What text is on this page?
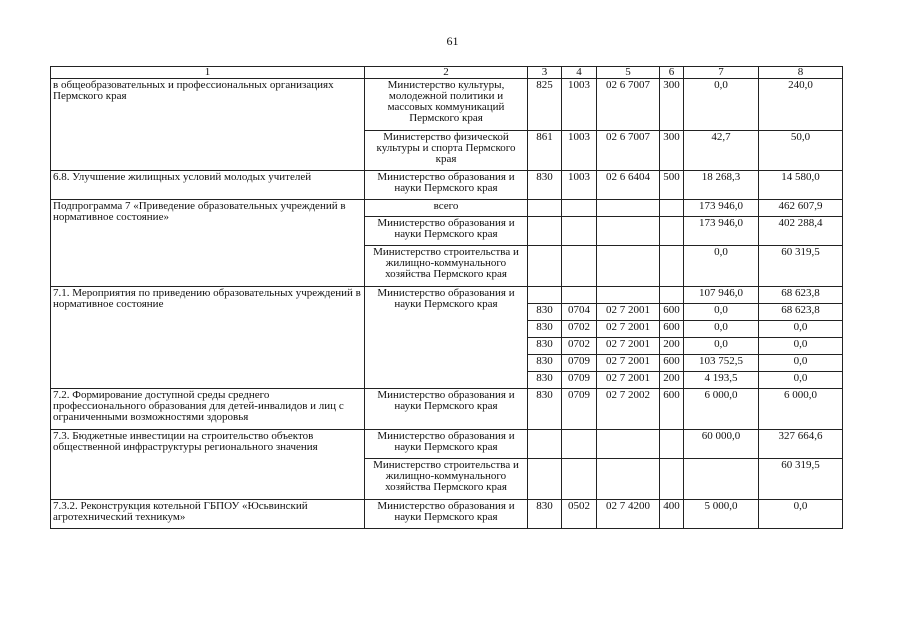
61
1	2	3	4	5	6	7	8
в общеобразовательных и профессиональных организациях Пермского края	Министерство культуры, молодежной политики и массовых коммуникаций Пермского края	825	1003	02 6 7007	300	0,0	240,0
	Министерство физической культуры и спорта Пермского края	861	1003	02 6 7007	300	42,7	50,0
6.8. Улучшение жилищных условий молодых учителей	Министерство образования и науки Пермского края	830	1003	02 6 6404	500	18 268,3	14 580,0
Подпрограмма 7 «Приведение образовательных учреждений в нормативное состояние»	всего					173 946,0	462 607,9
	Министерство образования и науки Пермского края					173 946,0	402 288,4
	Министерство строительства и жилищно-коммунального хозяйства Пермского края					0,0	60 319,5
7.1. Мероприятия по приведению образовательных учреждений в нормативное состояние	Министерство образования и науки Пермского края					107 946,0	68 623,8
		830	0704	02 7 2001	600	0,0	68 623,8
		830	0702	02 7 2001	600	0,0	0,0
		830	0702	02 7 2001	200	0,0	0,0
		830	0709	02 7 2001	600	103 752,5	0,0
		830	0709	02 7 2001	200	4 193,5	0,0
7.2. Формирование доступной среды среднего профессионального образования для детей-инвалидов и лиц с ограниченными возможностями здоровья	Министерство образования и науки Пермского края	830	0709	02 7 2002	600	6 000,0	6 000,0
7.3. Бюджетные инвестиции на строительство объектов общественной инфраструктуры регионального значения	Министерство образования и науки Пермского края					60 000,0	327 664,6
	Министерство строительства и жилищно-коммунального хозяйства Пермского края						60 319,5
7.3.2. Реконструкция котельной ГБПОУ «Юсьвинский агротехнический техникум»	Министерство образования и науки Пермского края	830	0502	02 7 4200	400	5 000,0	0,0
